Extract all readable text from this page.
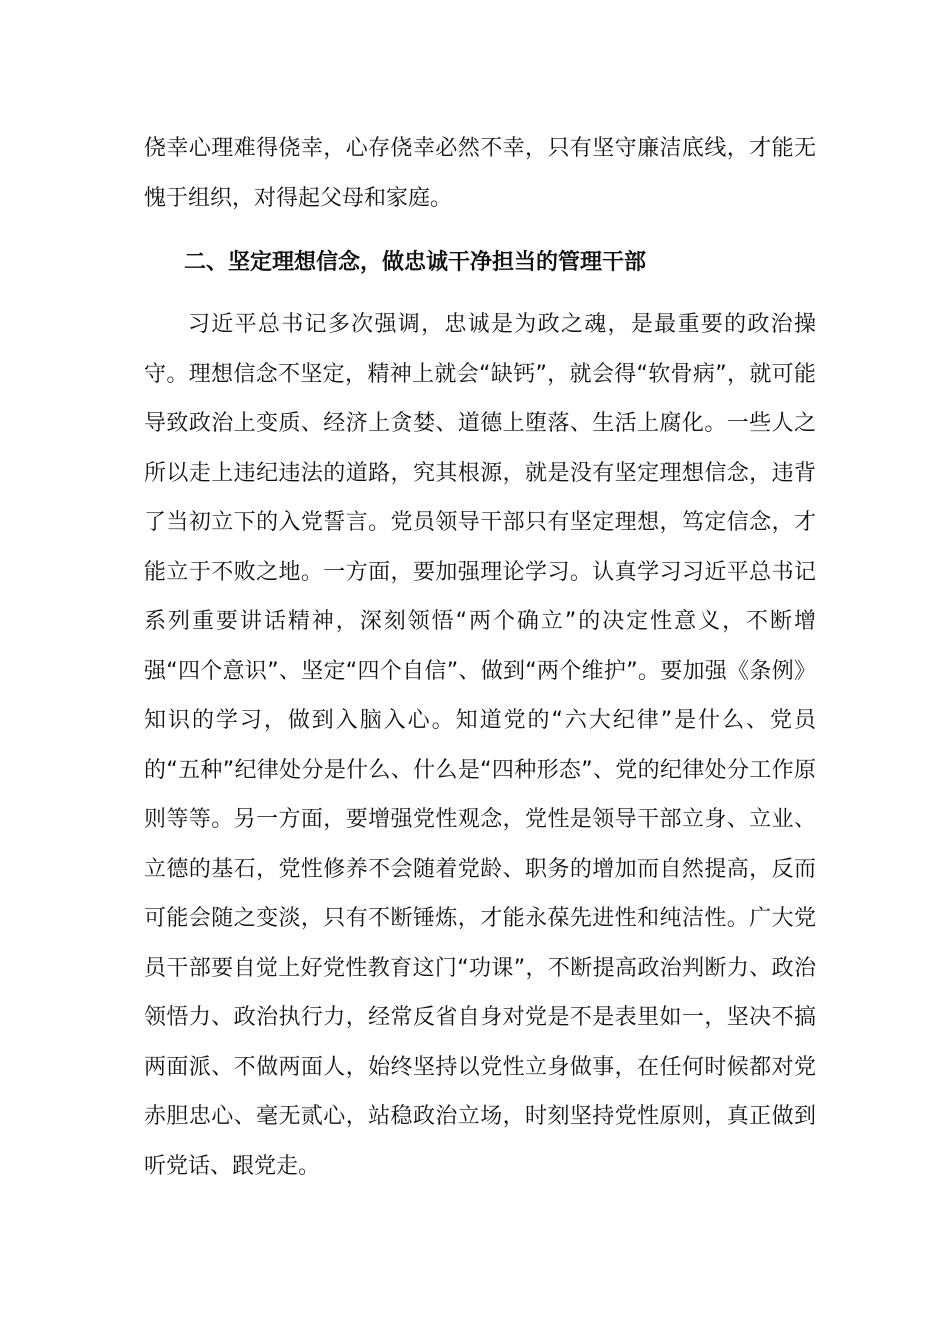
侥幸心理难得侥幸，心存侥幸必然不幸，只有坚守廉洁底线，才能无愧于组织，对得起父母和家庭。

二、坚定理想信念，做忠诚干净担当的管理干部

习近平总书记多次强调，忠诚是为政之魂，是最重要的政治操守。理想信念不坚定，精神上就会“缺钙”，就会得“软骨病”，就可能导致政治上变质、经济上贪婪、道德上堕落、生活上腐化。一些人之所以走上违纪违法的道路，究其根源，就是没有坚定理想信念，违背了当初立下的入党誓言。党员领导干部只有坚定理想，笃定信念，才能立于不败之地。一方面，要加强理论学习。认真学习习近平总书记系列重要讲话精神，深刻领悟“两个确立”的决定性意义，不断增强“四个意识”、坚定“四个自信”、做到“两个维护”。要加强《条例》知识的学习，做到入脑入心。知道党的“六大纪律”是什么、党员的“五种”纪律处分是什么、什么是“四种形态”、党的纪律处分工作原则等等。另一方面，要增强党性观念，党性是领导干部立身、立业、立德的基石，党性修养不会随着党龄、职务的增加而自然提高，反而可能会随之变淡，只有不断锤炼，才能永葆先进性和纯洁性。广大党员干部要自觉上好党性教育这门“功课”，不断提高政治判断力、政治领悟力、政治执行力，经常反省自身对党是不是表里如一，坚决不搞两面派、不做两面人，始终坚持以党性立身做事，在任何时候都对党赤胆忠心、毫无贰心，站稳政治立场，时刻坚持党性原则，真正做到听党话、跟党走。
